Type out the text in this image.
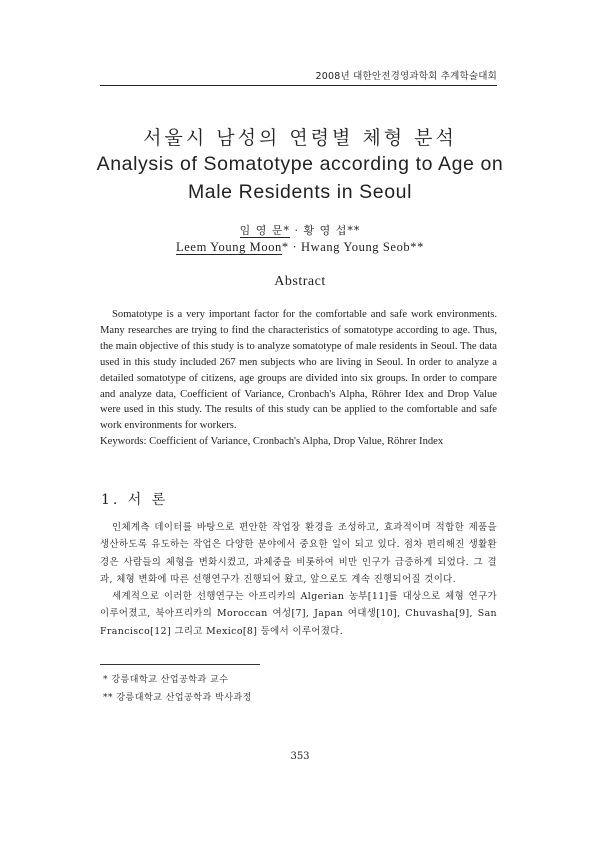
2008년 대한안전경영과학회 추계학술대회
서울시 남성의 연령별 체형 분석
Analysis of Somatotype according to Age on
Male Residents in Seoul
임 영 문* · 황 영 섭**
Leem Young Moon* · Hwang Young Seob**
Abstract

Somatotype is a very important factor for the comfortable and safe work environments. Many researches are trying to find the characteristics of somatotype according to age. Thus, the main objective of this study is to analyze somatotype of male residents in Seoul. The data used in this study included 267 men subjects who are living in Seoul. In order to analyze a detailed somatotype of citizens, age groups are divided into six groups. In order to compare and analyze data, Coefficient of Variance, Cronbach's Alpha, Röhrer Idex and Drop Value were used in this study. The results of this study can be applied to the comfortable and safe work environments for workers.

Keywords: Coefficient of Variance, Cronbach's Alpha, Drop Value, Röhrer Index

1. 서 론

인체계측 데이터를 바탕으로 편안한 작업장 환경을 조성하고, 효과적이며 적합한 제품을 생산하도록 유도하는 작업은 다양한 분야에서 중요한 일이 되고 있다. 점차 편리해진 생활환경은 사람들의 체형을 변화시켰고, 과체중을 비롯하여 비만 인구가 급증하게 되었다. 그 결과, 체형 변화에 따른 선행연구가 진행되어 왔고, 앞으로도 계속 진행되어질 것이다.

세계적으로 이러한 선행연구는 아프리카의 Algerian 농부[11]를 대상으로 체형 연구가 이루어졌고, 북아프리카의 Moroccan 여성[7], Japan 여대생[10], Chuvasha[9], San Francisco[12] 그리고 Mexico[8] 등에서 이루어졌다.

* 강릉대학교 산업공학과 교수
** 강릉대학교 산업공학과 박사과정
353
